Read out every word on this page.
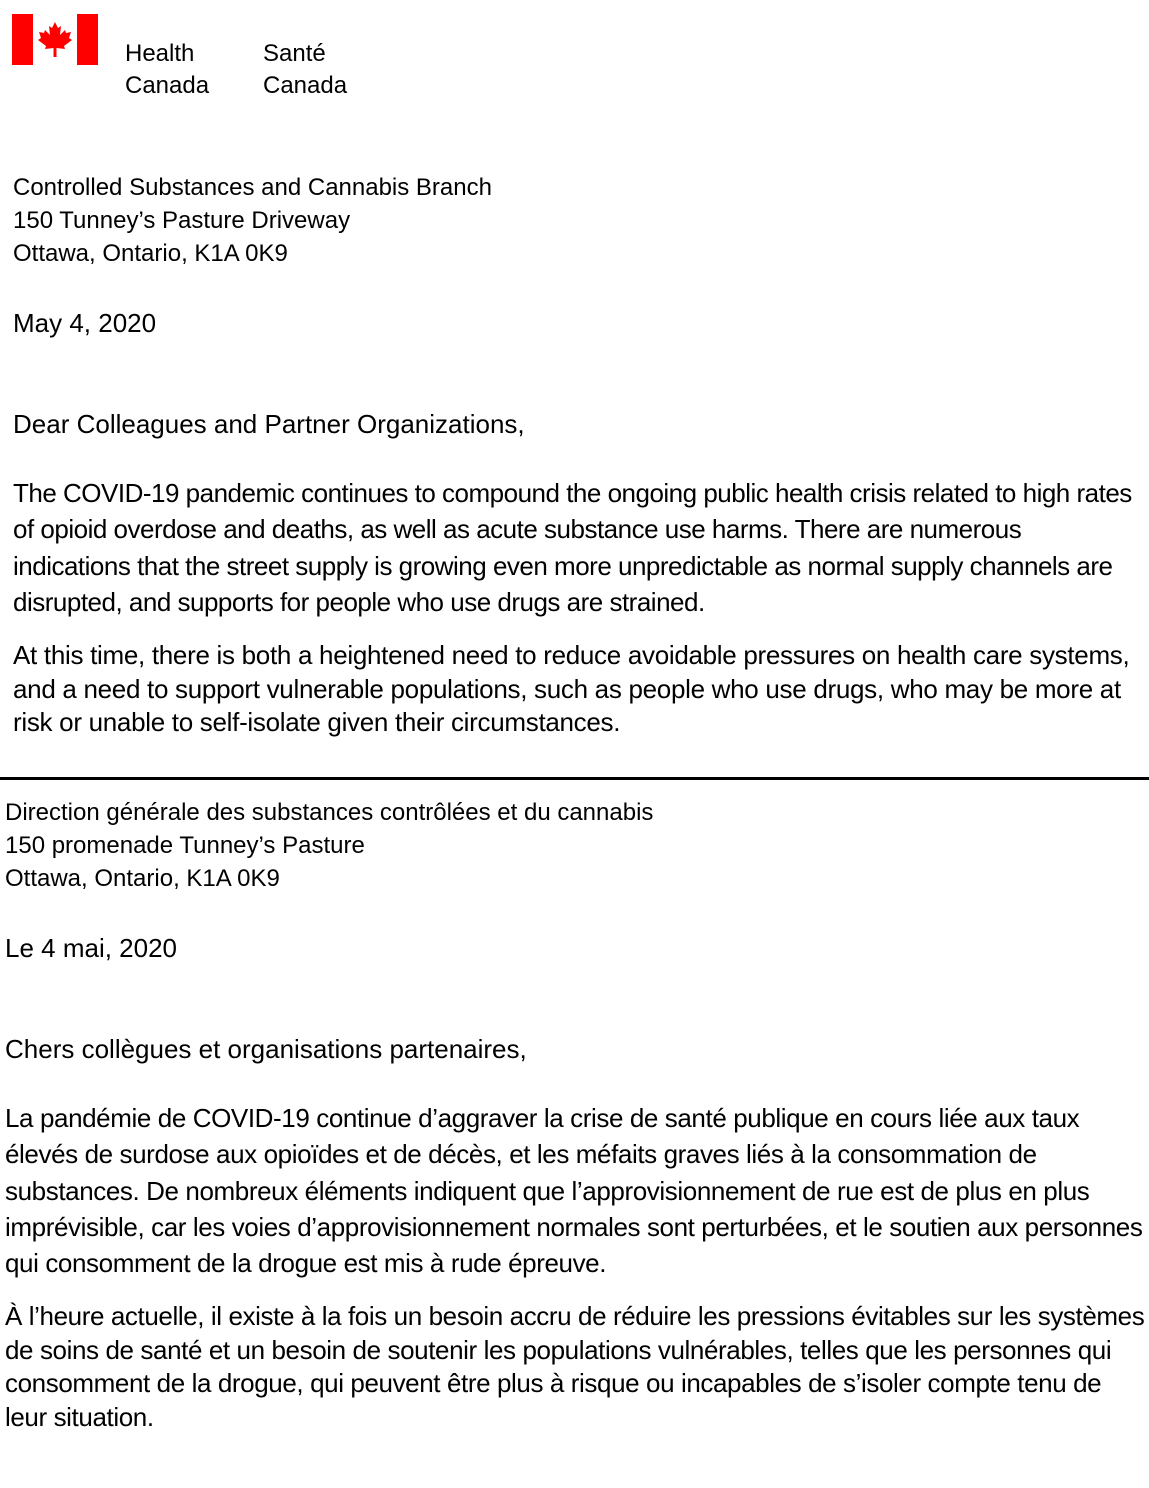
Health
Canada
Santé
Canada

Controlled Substances and Cannabis Branch
150 Tunney’s Pasture Driveway
Ottawa, Ontario, K1A 0K9

May 4, 2020

Dear Colleagues and Partner Organizations,

The COVID-19 pandemic continues to compound the ongoing public health crisis related to high rates of opioid overdose and deaths, as well as acute substance use harms. There are numerous indications that the street supply is growing even more unpredictable as normal supply channels are disrupted, and supports for people who use drugs are strained.

At this time, there is both a heightened need to reduce avoidable pressures on health care systems, and a need to support vulnerable populations, such as people who use drugs, who may be more at risk or unable to self-isolate given their circumstances.

Direction générale des substances contrôlées et du cannabis
150 promenade Tunney’s Pasture
Ottawa, Ontario, K1A 0K9

Le 4 mai, 2020

Chers collègues et organisations partenaires,

La pandémie de COVID-19 continue d’aggraver la crise de santé publique en cours liée aux taux élevés de surdose aux opioïdes et de décès, et les méfaits graves liés à la consommation de substances. De nombreux éléments indiquent que l’approvisionnement de rue est de plus en plus imprévisible, car les voies d’approvisionnement normales sont perturbées, et le soutien aux personnes qui consomment de la drogue est mis à rude épreuve.

À l’heure actuelle, il existe à la fois un besoin accru de réduire les pressions évitables sur les systèmes de soins de santé et un besoin de soutenir les populations vulnérables, telles que les personnes qui consomment de la drogue, qui peuvent être plus à risque ou incapables de s’isoler compte tenu de leur situation.
